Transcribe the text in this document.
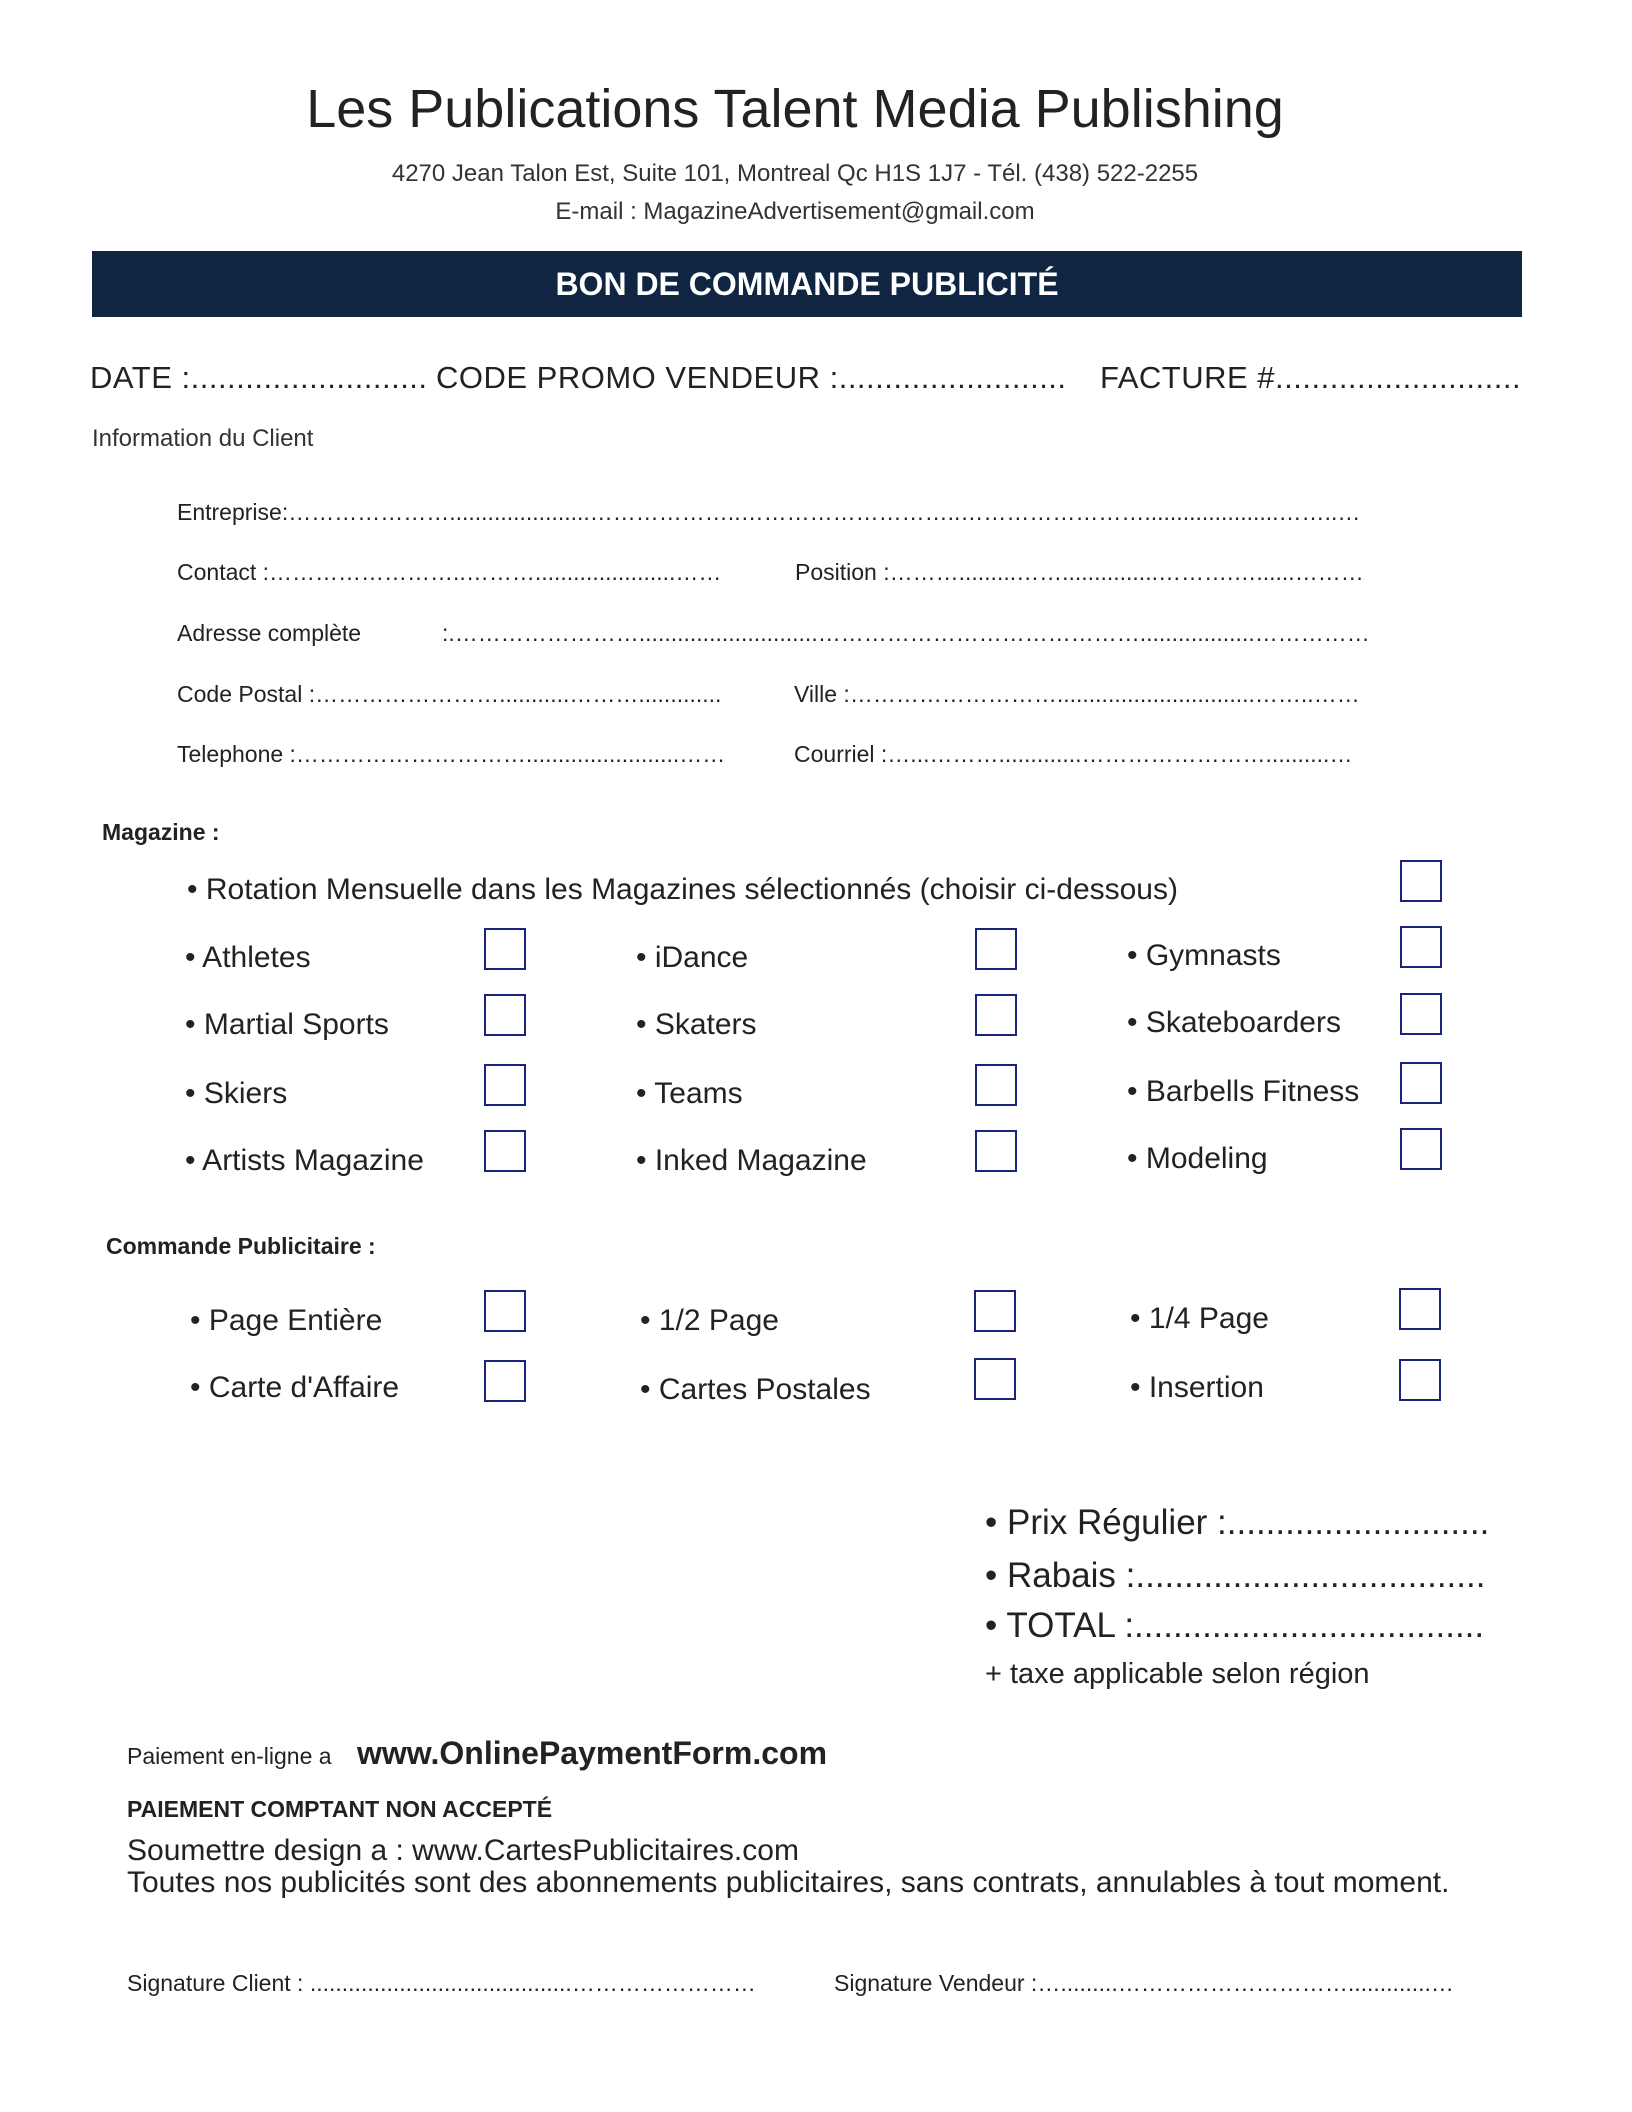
Les Publications Talent Media Publishing
4270 Jean Talon Est, Suite 101, Montreal Qc H1S 1J7 - Tél. (438) 522-2255
E-mail : MagazineAdvertisement@gmail.com
BON DE COMMANDE PUBLICITÉ
DATE :.......................... CODE PROMO VENDEUR :......................... FACTURE #...........................
Information du Client
Entreprise:…………………......................………………..………………………..…………………….....................……..…
Contact :……………………..………......................……	Position :……….........……...............……….…......………
Adresse complète	:.……………………............................……………………………………..................……………
Code Postal :……………………...........……….............	Ville :………………………...............................……..……
Telephone :…………………………........................……	Courriel :…...……….............……………………..........…
Magazine :
• Rotation Mensuelle dans les Magazines sélectionnés (choisir ci-dessous)
• Athletes	• iDance	• Gymnasts
• Martial Sports	• Skaters	• Skateboarders
• Skiers	• Teams	• Barbells Fitness
• Artists Magazine	• Inked Magazine	• Modeling
Commande Publicitaire :
• Page Entière	• 1/2 Page	• 1/4 Page
• Carte d'Affaire	• Cartes Postales	• Insertion
• Prix Régulier :...........................
• Rabais :....................................
• TOTAL :....................................
+ taxe applicable selon région
Paiement en-ligne a www.OnlinePaymentForm.com
PAIEMENT COMPTANT NON ACCEPTÉ
Soumettre design a : www.CartesPublicitaires.com
Toutes nos publicités sont des abonnements publicitaires, sans contrats, annulables à tout moment.
Signature Client : .........................................……………………	Signature Vendeur :….........………………………….............…
